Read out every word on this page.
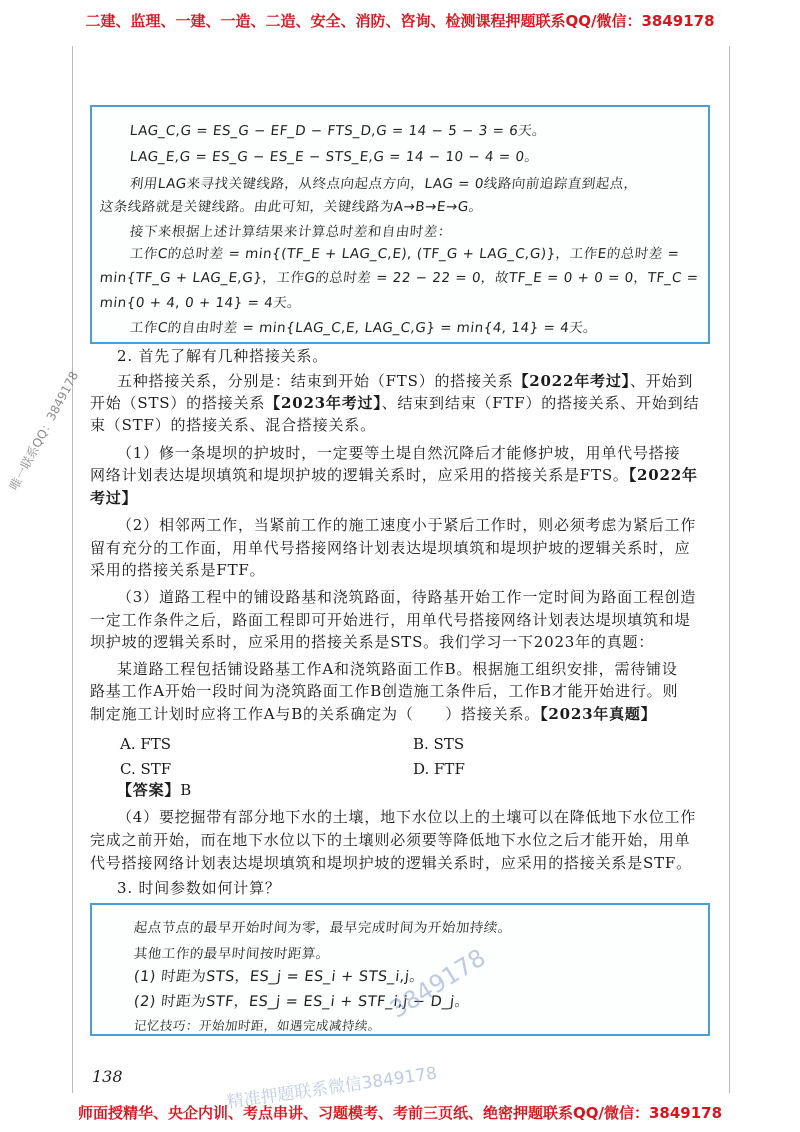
二建、监理、一建、一造、二造、安全、消防、咨询、检测课程押题联系QQ/微信：3849178
LAG_C,G = ES_G − EF_D − FTS_D,G = 14 − 5 − 3 = 6天。
LAG_E,G = ES_G − ES_E − STS_E,G = 14 − 10 − 4 = 0。
利用LAG来寻找关键线路，从终点向起点方向，LAG = 0线路向前追踪直到起点，
这条线路就是关键线路。由此可知，关键线路为A→B→E→G。
接下来根据上述计算结果来计算总时差和自由时差：
工作C的总时差 = min{(TF_E + LAG_C,E), (TF_G + LAG_C,G)}，工作E的总时差 =
min{TF_G + LAG_E,G}，工作G的总时差 = 22 − 22 = 0，故TF_E = 0 + 0 = 0，TF_C =
min{0 + 4, 0 + 14} = 4天。
工作C的自由时差 = min{LAG_C,E, LAG_C,G} = min{4, 14} = 4天。
2. 首先了解有几种搭接关系。
五种搭接关系，分别是：结束到开始（FTS）的搭接关系【2022年考过】、开始到
开始（STS）的搭接关系【2023年考过】、结束到结束（FTF）的搭接关系、开始到结
束（STF）的搭接关系、混合搭接关系。
（1）修一条堤坝的护坡时，一定要等土堤自然沉降后才能修护坡，用单代号搭接
网络计划表达堤坝填筑和堤坝护坡的逻辑关系时，应采用的搭接关系是FTS。【2022年
考过】
（2）相邻两工作，当紧前工作的施工速度小于紧后工作时，则必须考虑为紧后工作
留有充分的工作面，用单代号搭接网络计划表达堤坝填筑和堤坝护坡的逻辑关系时，应
采用的搭接关系是FTF。
（3）道路工程中的铺设路基和浇筑路面，待路基开始工作一定时间为路面工程创造
一定工作条件之后，路面工程即可开始进行，用单代号搭接网络计划表达堤坝填筑和堤
坝护坡的逻辑关系时，应采用的搭接关系是STS。我们学习一下2023年的真题：
某道路工程包括铺设路基工作A和浇筑路面工作B。根据施工组织安排，需待铺设
路基工作A开始一段时间为浇筑路面工作B创造施工条件后，工作B才能开始进行。则
制定施工计划时应将工作A与B的关系确定为（　　）搭接关系。【2023年真题】
A. FTS	B. STS
C. STF	D. FTF
【答案】B
（4）要挖掘带有部分地下水的土壤，地下水位以上的土壤可以在降低地下水位工作
完成之前开始，而在地下水位以下的土壤则必须要等降低地下水位之后才能开始，用单
代号搭接网络计划表达堤坝填筑和堤坝护坡的逻辑关系时，应采用的搭接关系是STF。
3. 时间参数如何计算？
起点节点的最早开始时间为零，最早完成时间为开始加持续。
其他工作的最早时间按时距算。
(1) 时距为STS，ES_j = ES_i + STS_i,j。
(2) 时距为STF，ES_j = ES_i + STF_i,j − D_j。
记忆技巧：开始加时距，如遇完成减持续。
3849178
唯一联系QQ：3849178
精准押题联系微信3849178
138
师面授精华、央企内训、考点串讲、习题模考、考前三页纸、绝密押题联系QQ/微信：3849178
